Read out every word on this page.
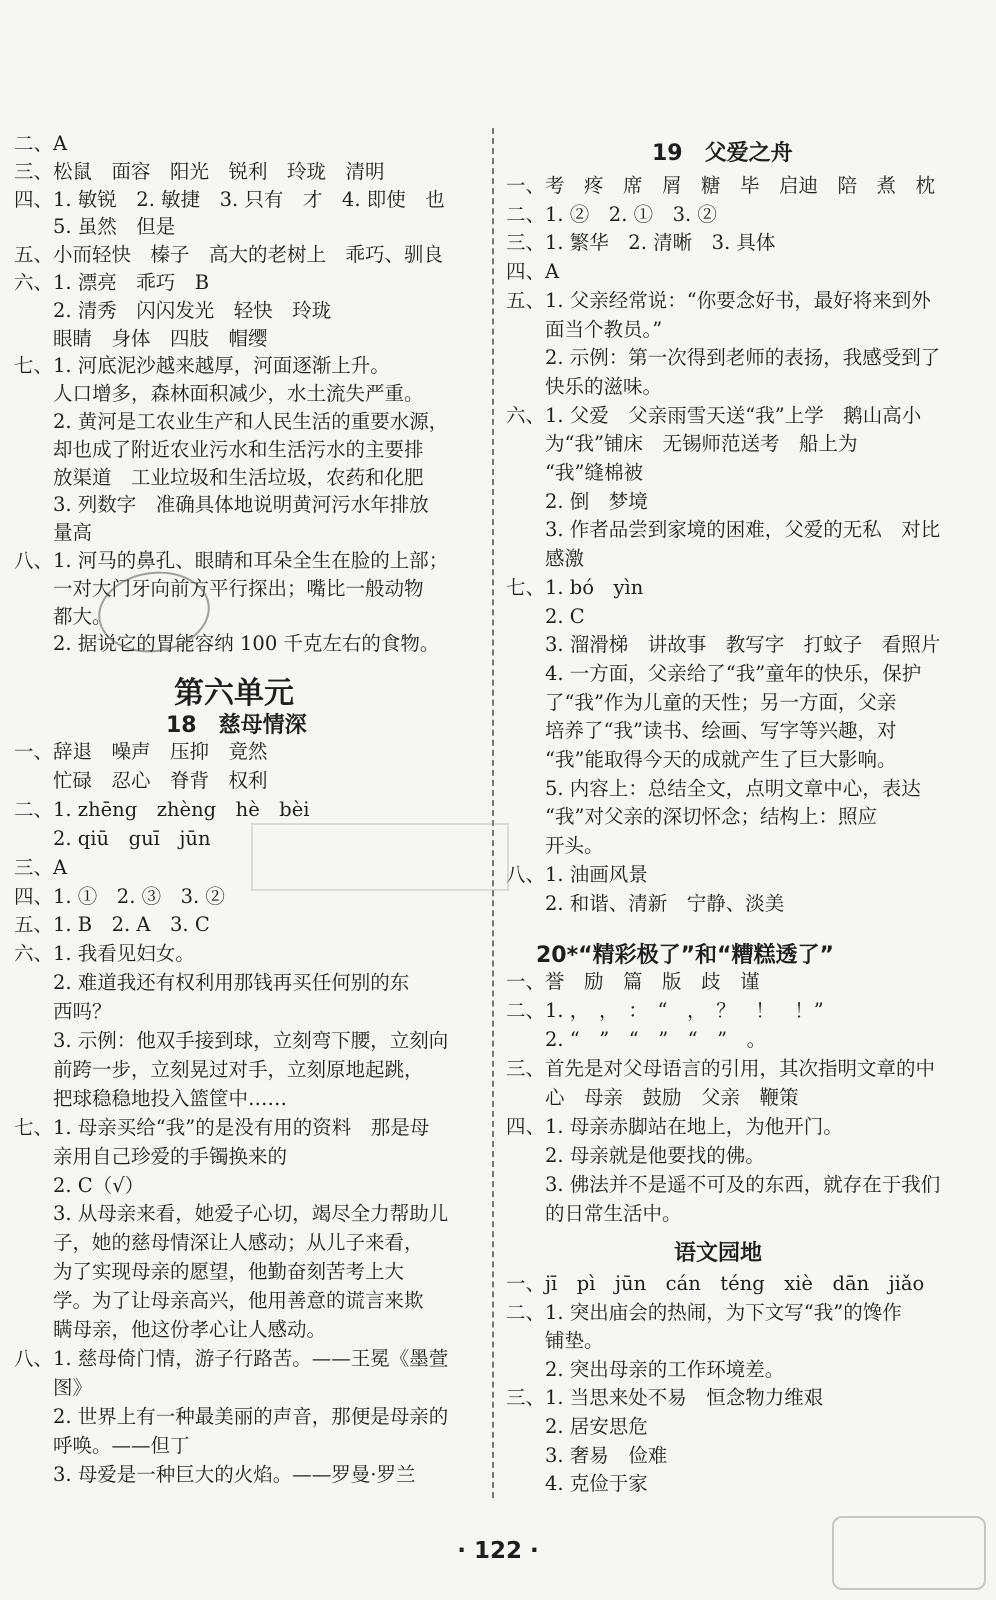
二、A
三、松鼠　面容　阳光　锐利　玲珑　清明
四、1. 敏锐　2. 敏捷　3. 只有　才　4. 即使　也
　　5. 虽然　但是
五、小而轻快　榛子　高大的老树上　乖巧、驯良
六、1. 漂亮　乖巧　B
　　2. 清秀　闪闪发光　轻快　玲珑
　　眼睛　身体　四肢　帽缨
七、1. 河底泥沙越来越厚，河面逐渐上升。
　　人口增多，森林面积减少，水土流失严重。
　　2. 黄河是工农业生产和人民生活的重要水源，
　　却也成了附近农业污水和生活污水的主要排
　　放渠道　工业垃圾和生活垃圾，农药和化肥
　　3. 列数字　准确具体地说明黄河污水年排放
　　量高
八、1. 河马的鼻孔、眼睛和耳朵全生在脸的上部；
　　一对大门牙向前方平行探出；嘴比一般动物
　　都大。
　　2. 据说它的胃能容纳 100 千克左右的食物。
第六单元
18　慈母情深
一、辞退　噪声　压抑　竟然
　　忙碌　忍心　脊背　权利
二、1. zhēng　zhèng　hè　bèi
　　2. qiū　guī　jūn
三、A
四、1. ①　2. ③　3. ②
五、1. B　2. A　3. C
六、1. 我看见妇女。
　　2. 难道我还有权利用那钱再买任何别的东
　　西吗？
　　3. 示例：他双手接到球，立刻弯下腰，立刻向
　　前跨一步，立刻晃过对手，立刻原地起跳，
　　把球稳稳地投入篮筐中……
七、1. 母亲买给“我”的是没有用的资料　那是母
　　亲用自己珍爱的手镯换来的
　　2. C（√）
　　3. 从母亲来看，她爱子心切，竭尽全力帮助儿
　　子，她的慈母情深让人感动；从儿子来看，
　　为了实现母亲的愿望，他勤奋刻苦考上大
　　学。为了让母亲高兴，他用善意的谎言来欺
　　瞒母亲，他这份孝心让人感动。
八、1. 慈母倚门情，游子行路苦。——王冕《墨萱
　　图》
　　2. 世界上有一种最美丽的声音，那便是母亲的
　　呼唤。——但丁
　　3. 母爱是一种巨大的火焰。——罗曼·罗兰
19　父爱之舟
一、考　疼　席　屑　糖　毕　启迪　陪　煮　枕
二、1. ②　2. ①　3. ②
三、1. 繁华　2. 清晰　3. 具体
四、A
五、1. 父亲经常说：“你要念好书，最好将来到外
　　面当个教员。”
　　2. 示例：第一次得到老师的表扬，我感受到了
　　快乐的滋味。
六、1. 父爱　父亲雨雪天送“我”上学　鹅山高小
　　为“我”铺床　无锡师范送考　船上为
　　“我”缝棉被
　　2. 倒　梦境
　　3. 作者品尝到家境的困难，父爱的无私　对比
　　感激
七、1. bó　yìn
　　2. C
　　3. 溜滑梯　讲故事　教写字　打蚊子　看照片
　　4. 一方面，父亲给了“我”童年的快乐，保护
　　了“我”作为儿童的天性；另一方面，父亲
　　培养了“我”读书、绘画、写字等兴趣，对
　　“我”能取得今天的成就产生了巨大影响。
　　5. 内容上：总结全文，点明文章中心，表达
　　“我”对父亲的深切怀念；结构上：照应
　　开头。
八、1. 油画风景
　　2. 和谐、清新　宁静、淡美
20*“精彩极了”和“糟糕透了”
一、誉　励　篇　版　歧　谨
二、1. ，　，　：　“　，　？　！　！”
　　2. “　”　“　”　“　”　。
三、首先是对父母语言的引用，其次指明文章的中
　　心　母亲　鼓励　父亲　鞭策
四、1. 母亲赤脚站在地上，为他开门。
　　2. 母亲就是他要找的佛。
　　3. 佛法并不是遥不可及的东西，就存在于我们
　　的日常生活中。
语文园地
一、jī　pì　jūn　cán　téng　xiè　dān　jiǎo
二、1. 突出庙会的热闹，为下文写“我”的馋作
　　铺垫。
　　2. 突出母亲的工作环境差。
三、1. 当思来处不易　恒念物力维艰
　　2. 居安思危
　　3. 奢易　俭难
　　4. 克俭于家
· 122 ·
